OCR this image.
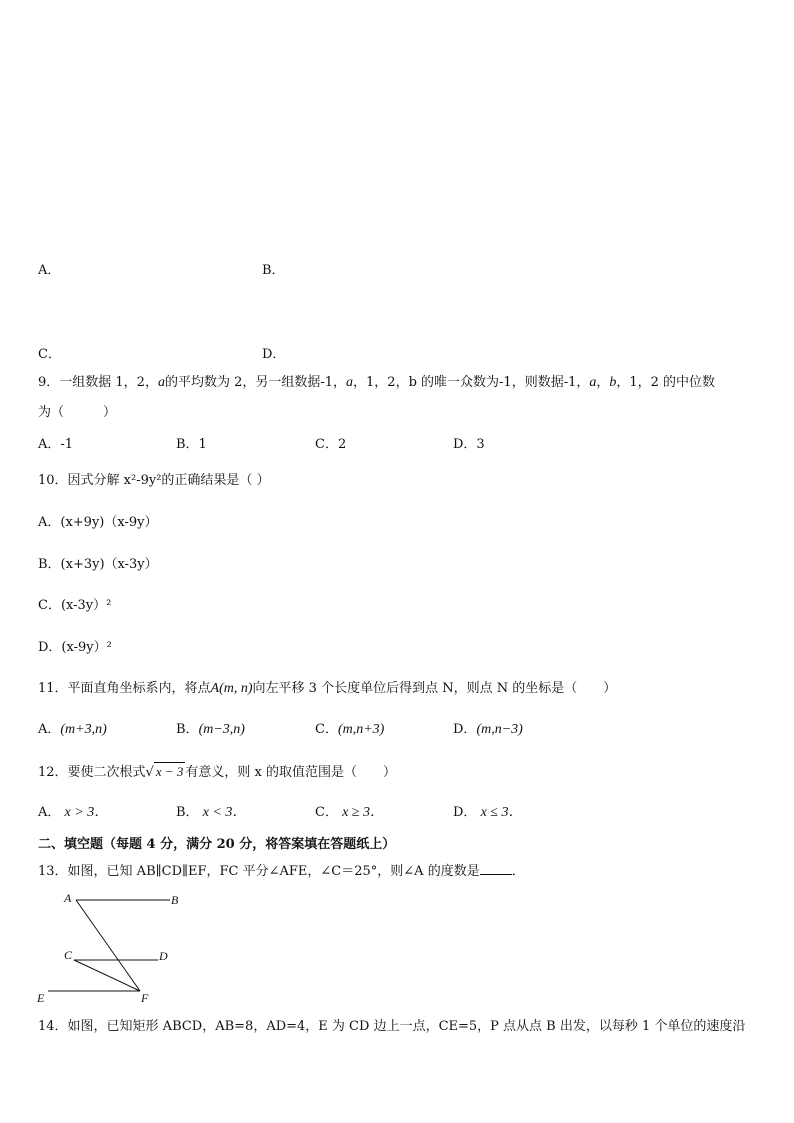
A．	B．
C．	D．
9．一组数据 1，2，a的平均数为 2，另一组数据-1，a，1，2，b 的唯一众数为-1，则数据-1，a，b，1，2 的中位数
为（　　　）
A．-1	B．1	C．2	D．3
10．因式分解 x²-9y²的正确结果是（ ）
A．(x+9y)（x-9y）
B．(x+3y)（x-3y）
C．(x-3y）²
D．(x-9y）²
11．平面直角坐标系内，将点A(m, n)向左平移 3 个长度单位后得到点 N，则点 N 的坐标是（　　）
A．(m+3,n)	B．(m−3,n)	C．(m,n+3)	D．(m,n−3)
12．要使二次根式√ x − 3 有意义，则 x 的取值范围是（　　）
A． x > 3．	B． x < 3．	C． x ≥ 3．	D． x ≤ 3．
二、填空题（每题 4 分，满分 20 分，将答案填在答题纸上）
13．如图，已知 AB∥CD∥EF，FC 平分∠AFE，∠C＝25°，则∠A 的度数是 ．
A	B
C	D
E	F
14．如图，已知矩形 ABCD，AB=8，AD=4，E 为 CD 边上一点，CE=5，P 点从点 B 出发，以每秒 1 个单位的速度沿
